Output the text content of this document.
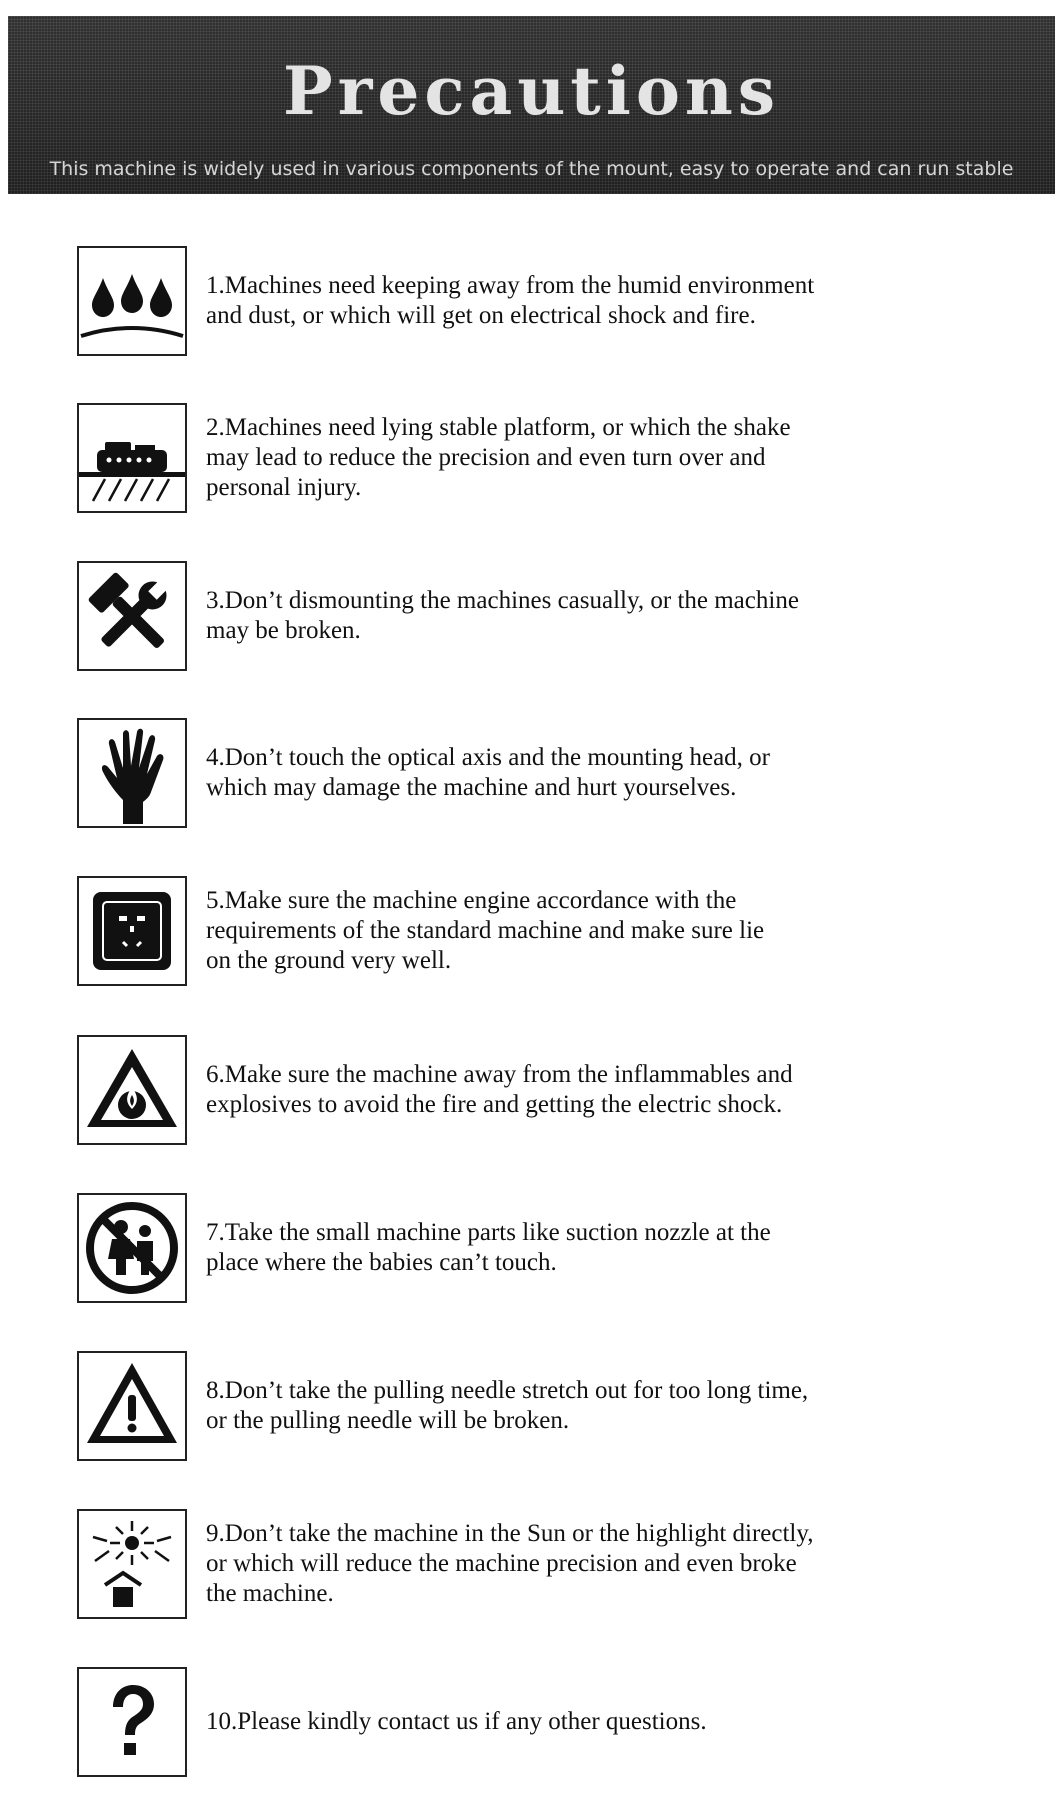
Precautions
This machine is widely used in various components of the mount, easy to operate and can run stable
1.Machines need keeping away from the humid environment
and dust, or which will get on electrical shock and fire.
2.Machines need lying stable platform, or which the shake
may lead to reduce the precision and even turn over and
personal injury.
3.Don’t dismounting the machines casually, or the machine
may be broken.
4.Don’t touch the optical axis and the mounting head, or
which may damage the machine and hurt yourselves.
5.Make sure the machine engine accordance with the
requirements of the standard machine and make sure lie
on the ground very well.
6.Make sure the machine away from the inflammables and
explosives to avoid the fire and getting the electric shock.
7.Take the small machine parts like suction nozzle at the
place where the babies can’t touch.
8.Don’t take the pulling needle stretch out for too long time,
or the pulling needle will be broken.
9.Don’t take the machine in the Sun or the highlight directly,
or which will reduce the machine precision and even broke
the machine.
10.Please kindly contact us if any other questions.
